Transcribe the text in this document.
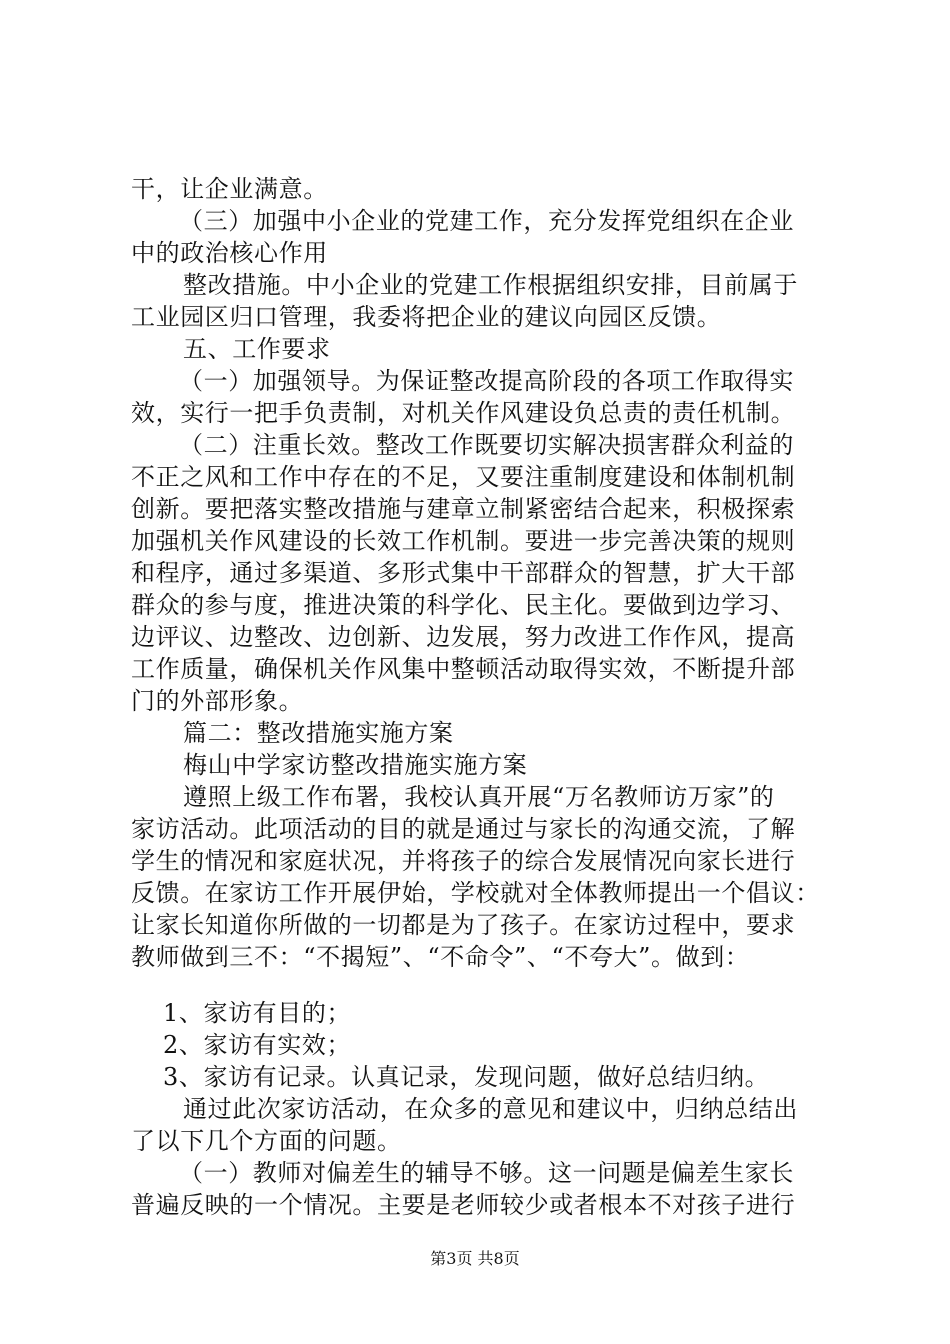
干，让企业满意。
（三）加强中小企业的党建工作，充分发挥党组织在企业
中的政治核心作用
整改措施。中小企业的党建工作根据组织安排，目前属于
工业园区归口管理，我委将把企业的建议向园区反馈。
五、工作要求
（一）加强领导。为保证整改提高阶段的各项工作取得实
效，实行一把手负责制，对机关作风建设负总责的责任机制。
（二）注重长效。整改工作既要切实解决损害群众利益的
不正之风和工作中存在的不足，又要注重制度建设和体制机制
创新。要把落实整改措施与建章立制紧密结合起来，积极探索
加强机关作风建设的长效工作机制。要进一步完善决策的规则
和程序，通过多渠道、多形式集中干部群众的智慧，扩大干部
群众的参与度，推进决策的科学化、民主化。要做到边学习、
边评议、边整改、边创新、边发展，努力改进工作作风，提高
工作质量，确保机关作风集中整顿活动取得实效，不断提升部
门的外部形象。
篇二：整改措施实施方案
梅山中学家访整改措施实施方案
遵照上级工作布署，我校认真开展“万名教师访万家”的
家访活动。此项活动的目的就是通过与家长的沟通交流，了解
学生的情况和家庭状况，并将孩子的综合发展情况向家长进行
反馈。在家访工作开展伊始，学校就对全体教师提出一个倡议：
让家长知道你所做的一切都是为了孩子。在家访过程中，要求
教师做到三不：“不揭短”、“不命令”、“不夸大”。做到：
1、家访有目的；
2、家访有实效；
3、家访有记录。认真记录，发现问题，做好总结归纳。
通过此次家访活动，在众多的意见和建议中，归纳总结出
了以下几个方面的问题。
（一）教师对偏差生的辅导不够。这一问题是偏差生家长
普遍反映的一个情况。主要是老师较少或者根本不对孩子进行
第3页 共8页
